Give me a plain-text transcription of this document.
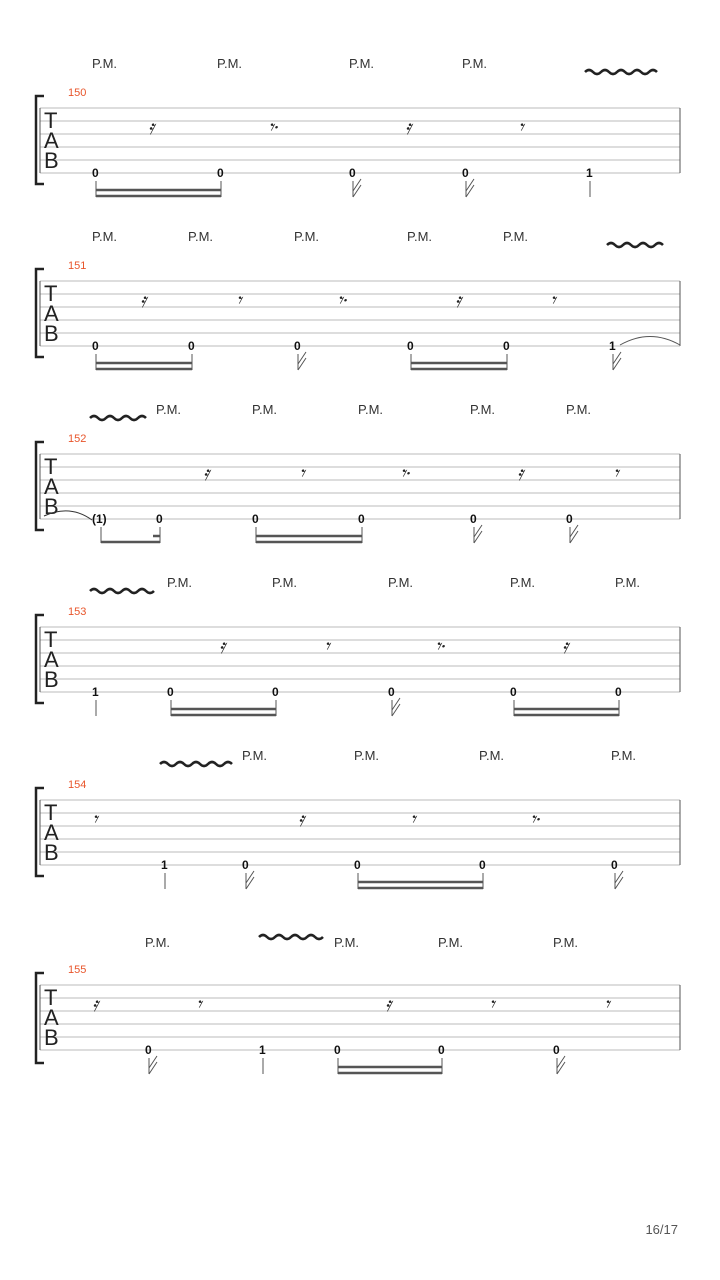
P.M.	P.M.	P.M.	P.M.
150
T
A
B
𝄿	𝄾·	𝄿	𝄾
0	0	0	0	1
P.M.	P.M.	P.M.	P.M.	P.M.
151
T
A
B
𝄿	𝄾	𝄾·	𝄿	𝄾
0	0	0	0	0	1
P.M.	P.M.	P.M.	P.M.	P.M.
152
T
A
B
𝄿	𝄾	𝄾·	𝄿	𝄾
(1)	0	0	0	0	0
P.M.	P.M.	P.M.	P.M.	P.M.
153
T
A
B
𝄿	𝄾	𝄾·	𝄿
1	0	0	0	0	0
P.M.	P.M.	P.M.	P.M.
154
T
A
B
𝄾	𝄿	𝄾	𝄾·
1	0	0	0	0
P.M.	P.M.	P.M.	P.M.
155
T
A
B
𝄿	𝄾	𝄿	𝄾	𝄾
0	1	0	0	0
16/17
